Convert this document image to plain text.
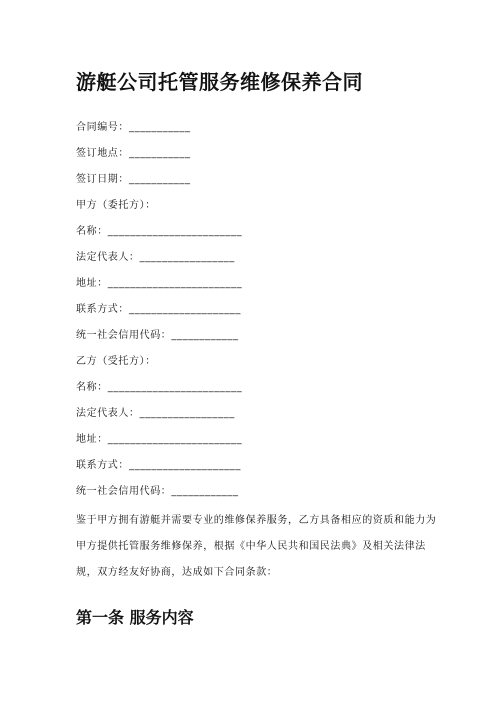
游艇公司托管服务维修保养合同
合同编号：___________
签订地点：___________
签订日期：___________
甲方（委托方）：
名称：________________________
法定代表人：_________________
地址：________________________
联系方式：____________________
统一社会信用代码：____________
乙方（受托方）：
名称：________________________
法定代表人：_________________
地址：________________________
联系方式：____________________
统一社会信用代码：____________

鉴于甲方拥有游艇并需要专业的维修保养服务，乙方具备相应的资质和能力为

甲方提供托管服务维修保养，根据《中华人民共和国民法典》及相关法律法

规，双方经友好协商，达成如下合同条款：

第一条 服务内容
